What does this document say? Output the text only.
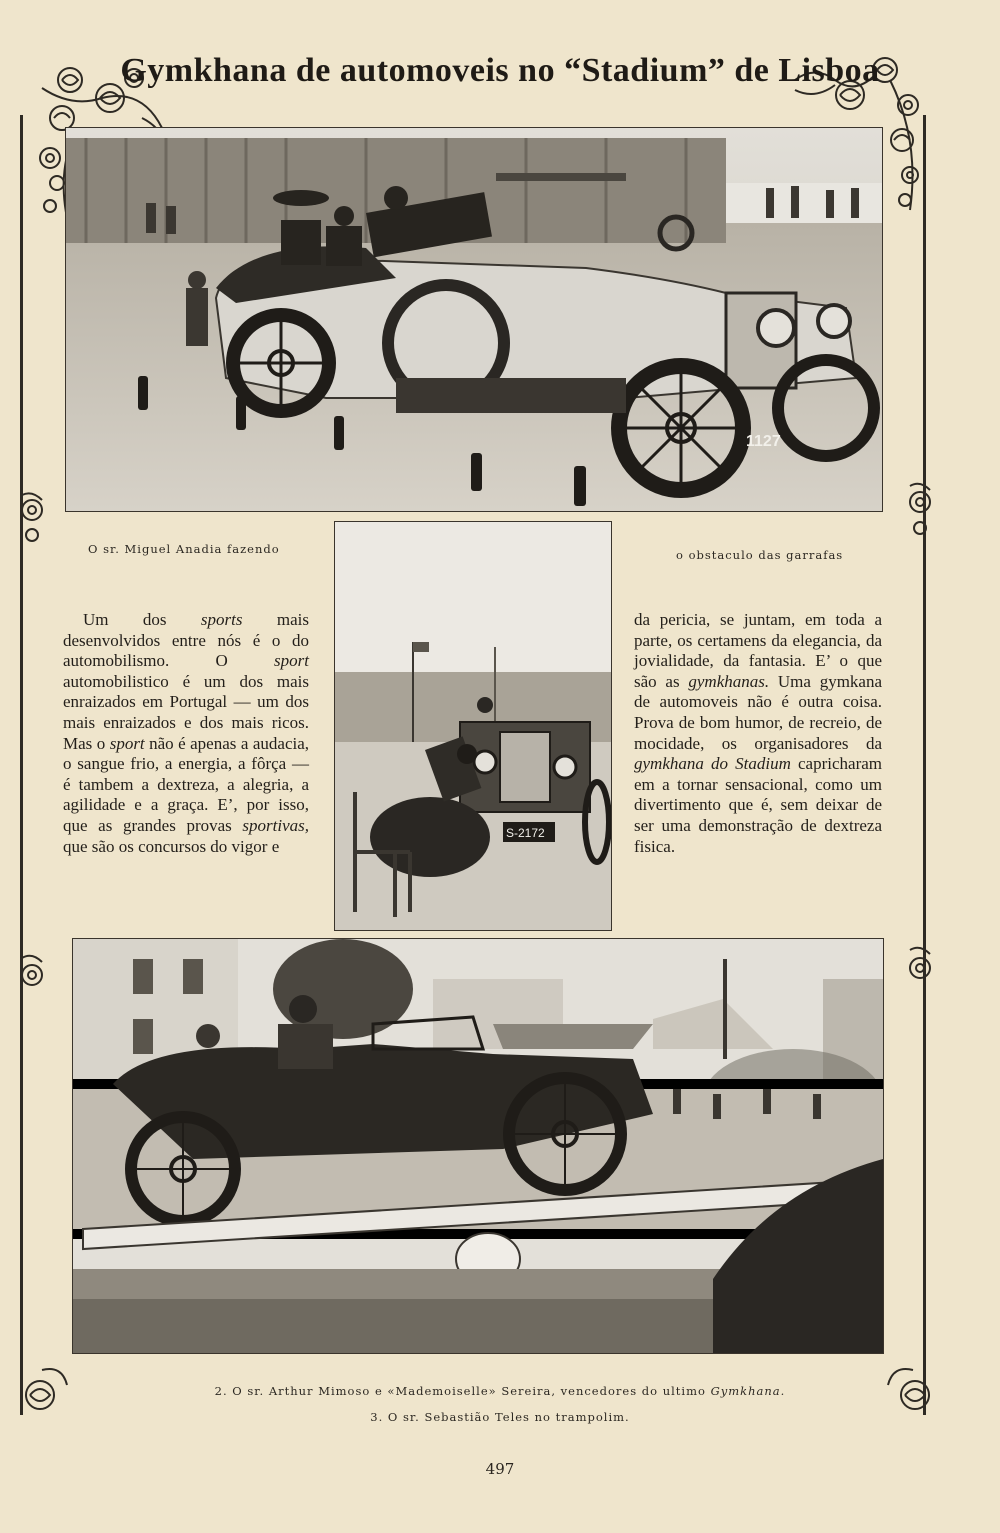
Gymkhana de automoveis no “Stadium” de Lisboa
1127
O sr. Miguel Anadia fazendo	o obstaculo das garrafas
S-2172

Um dos sports mais desenvolvidos entre nós é o do automobilismo. O sport automobilistico é um dos mais enraizados em Portugal — um dos mais enraizados e dos mais ricos. Mas o sport não é apenas a audacia, o sangue frio, a energia, a fôrça — é tambem a dextreza, a alegria, a agilidade e a graça. E’, por isso, que as grandes provas sportivas, que são os concursos do vigor e

da pericia, se juntam, em toda a parte, os certamens da elegancia, da jovialidade, da fantasia. E’ o que são as gymkhanas. Uma gymkana de automoveis não é outra coisa. Prova de bom humor, de recreio, de mocidade, os organisadores da gymkhana do Stadium capricharam em a tornar sensacional, como um divertimento que é, sem deixar de ser uma demonstração de dextreza fisica.

2. O sr. Arthur Mimoso e «Mademoiselle» Sereira, vencedores do ultimo Gymkhana.
3. O sr. Sebastião Teles no trampolim.
497
